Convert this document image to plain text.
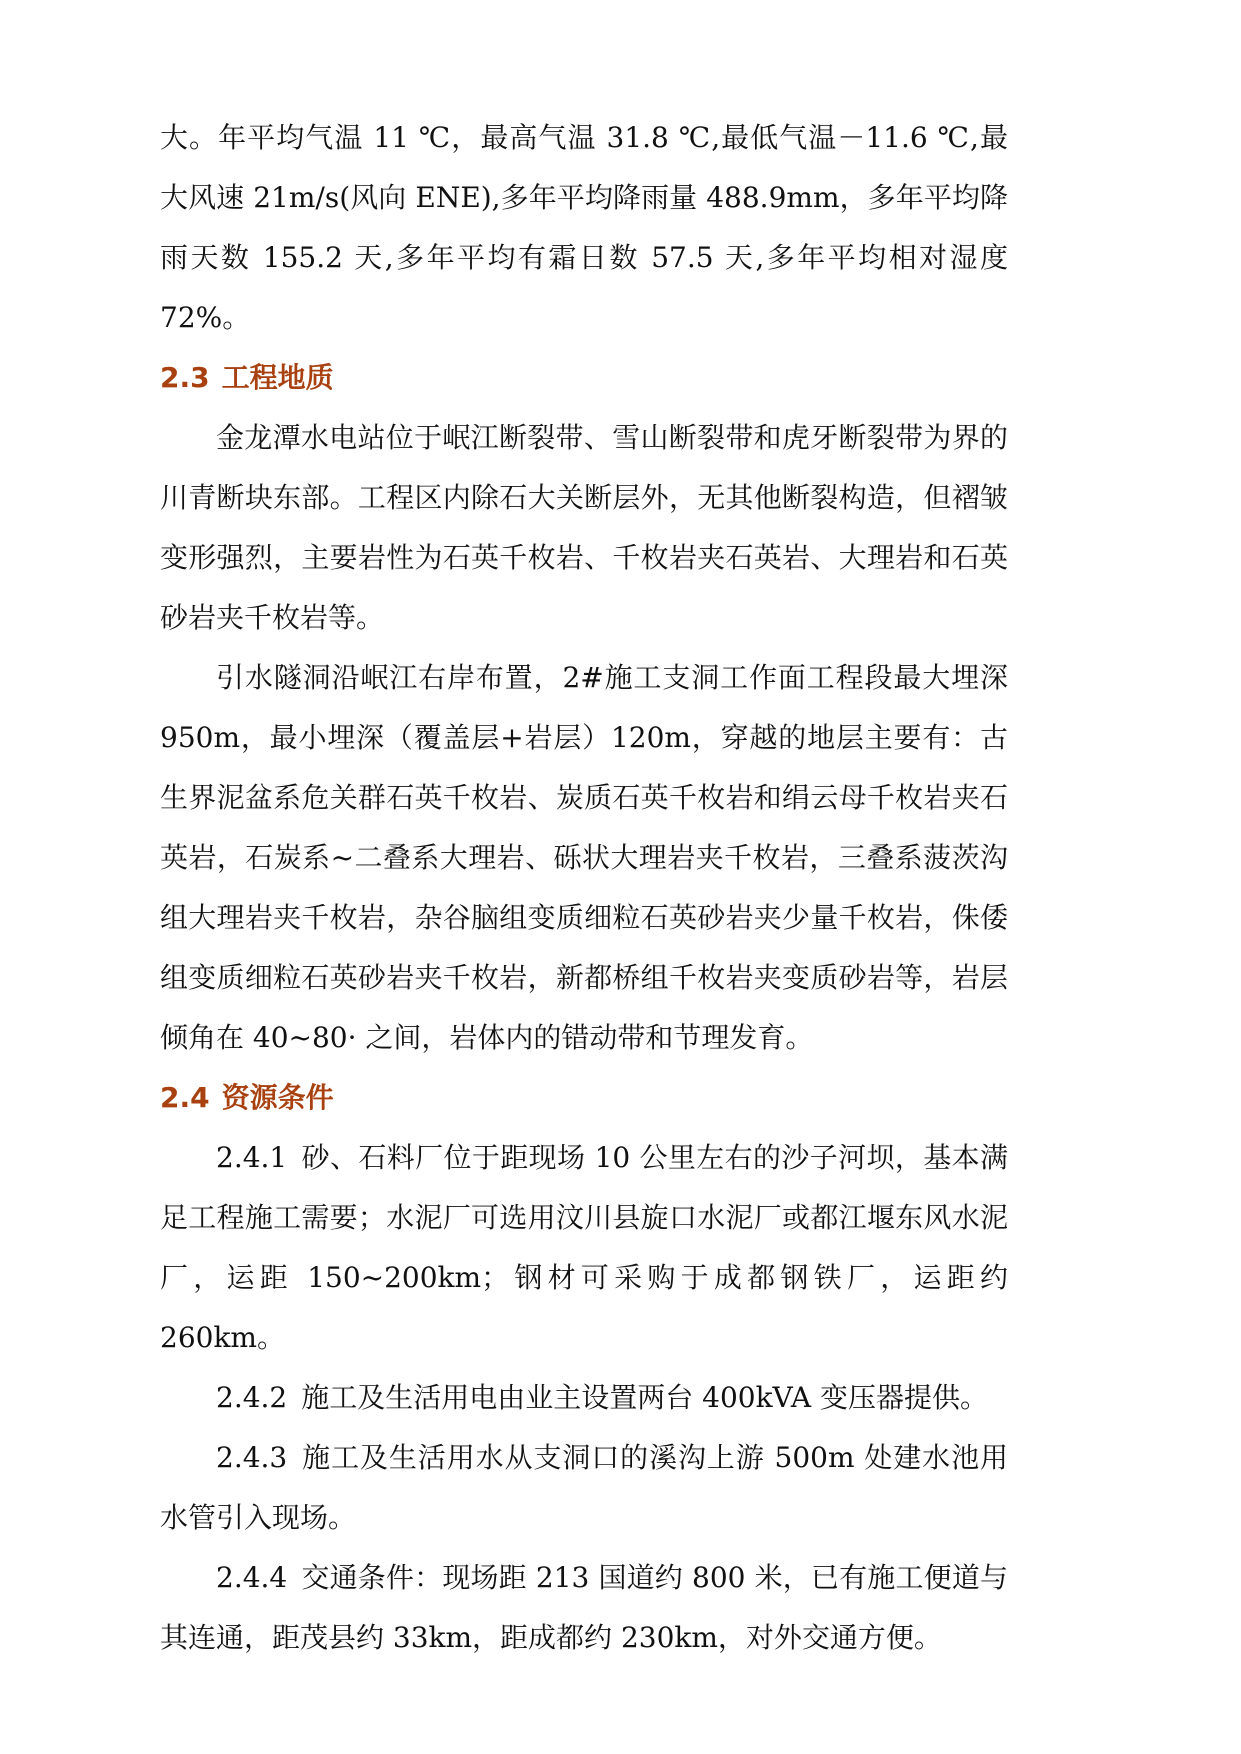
大。年平均气温 11 ℃，最高气温 31.8 ℃,最低气温－11.6 ℃,最大风速 21m/s(风向 ENE),多年平均降雨量 488.9mm，多年平均降雨天数 155.2 天,多年平均有霜日数 57.5 天,多年平均相对湿度 72%。

2.3 工程地质

金龙潭水电站位于岷江断裂带、雪山断裂带和虎牙断裂带为界的川青断块东部。工程区内除石大关断层外，无其他断裂构造，但褶皱变形强烈，主要岩性为石英千枚岩、千枚岩夹石英岩、大理岩和石英砂岩夹千枚岩等。

引水隧洞沿岷江右岸布置，2#施工支洞工作面工程段最大埋深 950m，最小埋深（覆盖层+岩层）120m，穿越的地层主要有：古生界泥盆系危关群石英千枚岩、炭质石英千枚岩和绢云母千枚岩夹石英岩，石炭系~二叠系大理岩、砾状大理岩夹千枚岩，三叠系菠茨沟组大理岩夹千枚岩，杂谷脑组变质细粒石英砂岩夹少量千枚岩，侏倭组变质细粒石英砂岩夹千枚岩，新都桥组千枚岩夹变质砂岩等，岩层倾角在 40~80· 之间，岩体内的错动带和节理发育。

2.4 资源条件

2.4.1 砂、石料厂位于距现场 10 公里左右的沙子河坝，基本满足工程施工需要；水泥厂可选用汶川县旋口水泥厂或都江堰东风水泥厂，运距 150~200km；钢材可采购于成都钢铁厂，运距约 260km。

2.4.2 施工及生活用电由业主设置两台 400kVA 变压器提供。

2.4.3 施工及生活用水从支洞口的溪沟上游 500m 处建水池用水管引入现场。

2.4.4 交通条件：现场距 213 国道约 800 米，已有施工便道与其连通，距茂县约 33km，距成都约 230km，对外交通方便。
